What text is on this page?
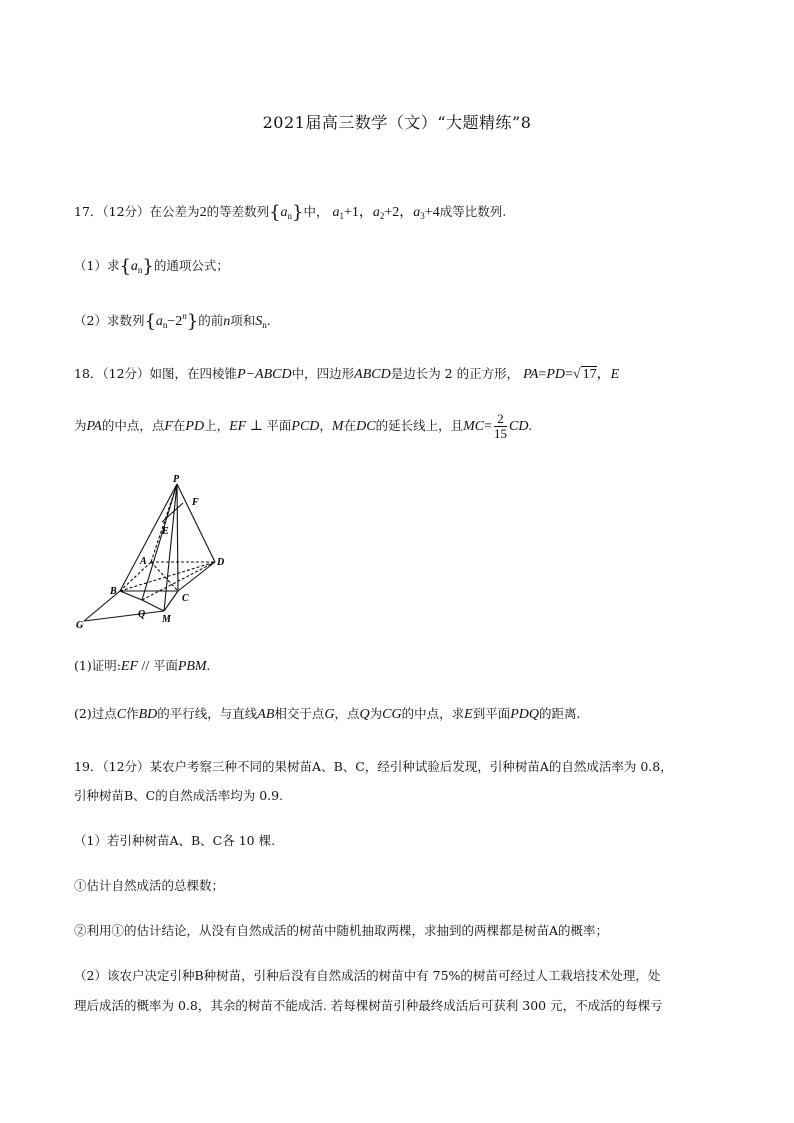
2021届高三数学（文）“大题精练”8
17．（12分）在公差为2的等差数列$\{a_n\}$中， $a_1+1$，$a_2+2$，$a_3+4$成等比数列.
（1）求$\{a_n\}$的通项公式；
（2）求数列$\{a_n-2^n\}$的前n项和$S_n$.
18．（12分）如图，在四棱锥P−ABCD中，四边形ABCD是边长为 2 的正方形， PA=PD=√ 17，E
为PA的中点，点F在PD上，EF ⊥ 平面PCD，M在DC的延长线上，且$MC= \frac{2}{15}$ CD.
P
F
E
A	D
B
C
Q M
G
(1)证明:EF // 平面PBM.
(2)过点C作BD的平行线，与直线AB相交于点G，点Q为CG的中点，求E到平面PDQ的距离.
19．（12分）某农户考察三种不同的果树苗A、B、C，经引种试验后发现，引种树苗A的自然成活率为 0.8，
引种树苗B、C的自然成活率均为 0.9.
（1）若引种树苗A、B、C各 10 棵.
①估计自然成活的总棵数；
②利用①的估计结论，从没有自然成活的树苗中随机抽取两棵，求抽到的两棵都是树苗A的概率；
（2）该农户决定引种B种树苗，引种后没有自然成活的树苗中有 75%的树苗可经过人工栽培技术处理，处
理后成活的概率为 0.8，其余的树苗不能成活. 若每棵树苗引种最终成活后可获利 300 元，不成活的每棵亏
